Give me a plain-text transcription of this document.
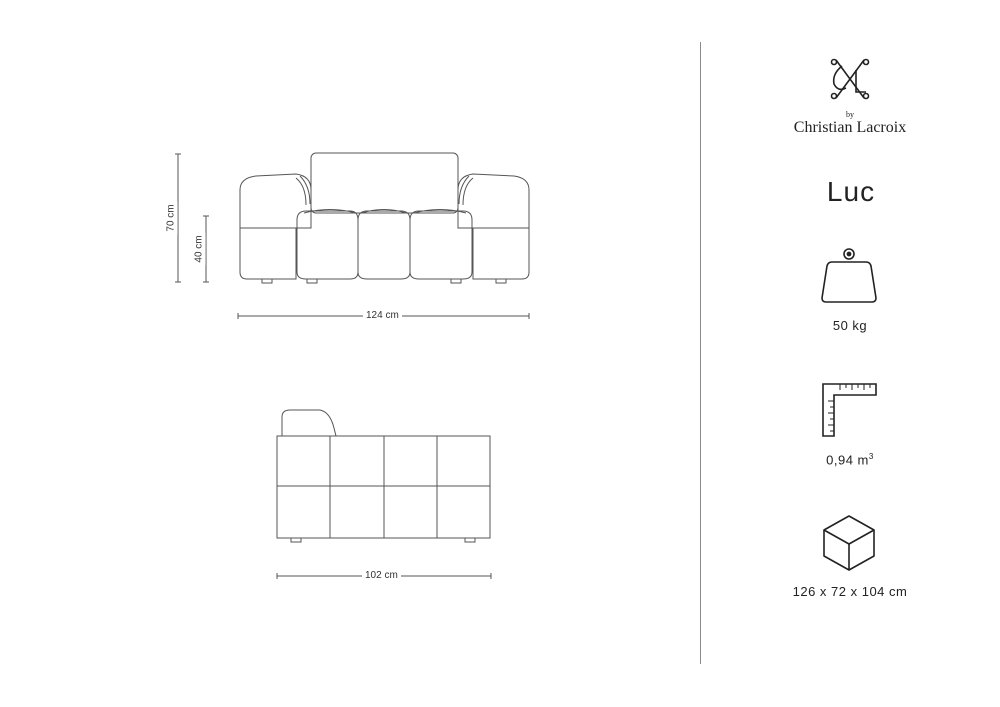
124 cm
70 cm
40 cm
102 cm
by
Christian Lacroix
Luc
50 kg
0,94 $m^3$
126 x 72 x 104 cm
